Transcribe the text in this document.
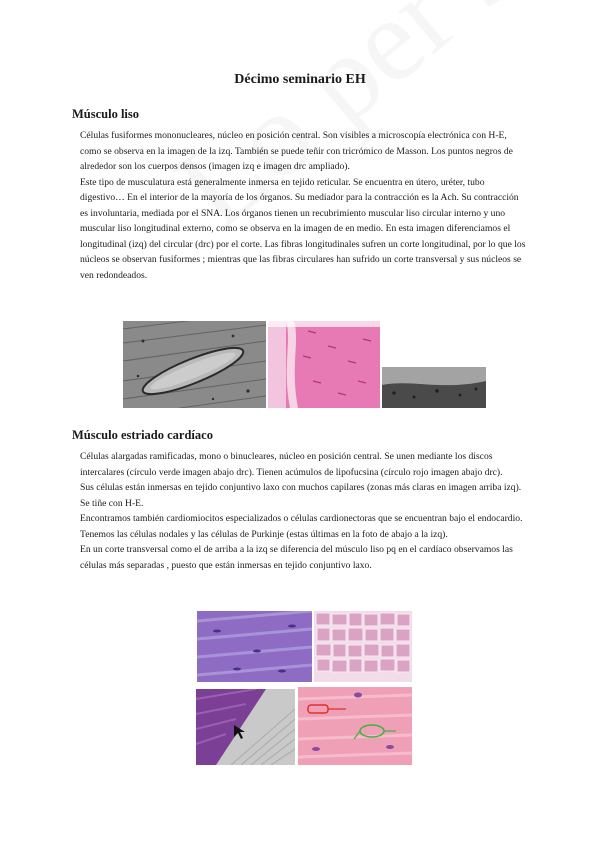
Décimo seminario EH
Músculo liso
Células fusiformes mononucleares, núcleo en posición central. Son visibles a microscopía electrónica con H-E, como se observa en la imagen de la izq. También se puede teñir con tricrómico de Masson. Los puntos negros de alrededor son los cuerpos densos (imagen izq e imagen drc ampliado).
Este tipo de musculatura está generalmente inmersa en tejido reticular. Se encuentra en útero, uréter, tubo digestivo… En el interior de la mayoría de los órganos. Su mediador para la contracción es la Ach. Su contracción es involuntaria, mediada por el SNA. Los órganos tienen un recubrimiento muscular liso circular interno y uno muscular liso longitudinal externo, como se observa en la imagen de en medio. En esta imagen diferenciamos el longitudinal (izq) del circular (drc) por el corte. Las fibras longitudinales sufren un corte longitudinal, por lo que los núcleos se observan fusiformes ; mientras que las fibras circulares han sufrido un corte transversal y sus núcleos se ven redondeados.
Músculo estriado cardíaco
Células alargadas ramificadas, mono o binucleares, núcleo en posición central. Se unen mediante los discos intercalares (círculo verde imagen abajo drc). Tienen acúmulos de lipofucsina (círculo rojo imagen abajo drc).
Sus células están inmersas en tejido conjuntivo laxo con muchos capilares (zonas más claras en imagen arriba izq). Se tiñe con H-E.
Encontramos también cardiomiocitos especializados o células cardionectoras que se encuentran bajo el endocardio. Tenemos las células nodales y las células de Purkinje (estas últimas en la foto de abajo a la izq).
En un corte transversal como el de arriba a la izq se diferencia del músculo liso pq en el cardíaco observamos las células más separadas , puesto que están inmersas en tejido conjuntivo laxo.
